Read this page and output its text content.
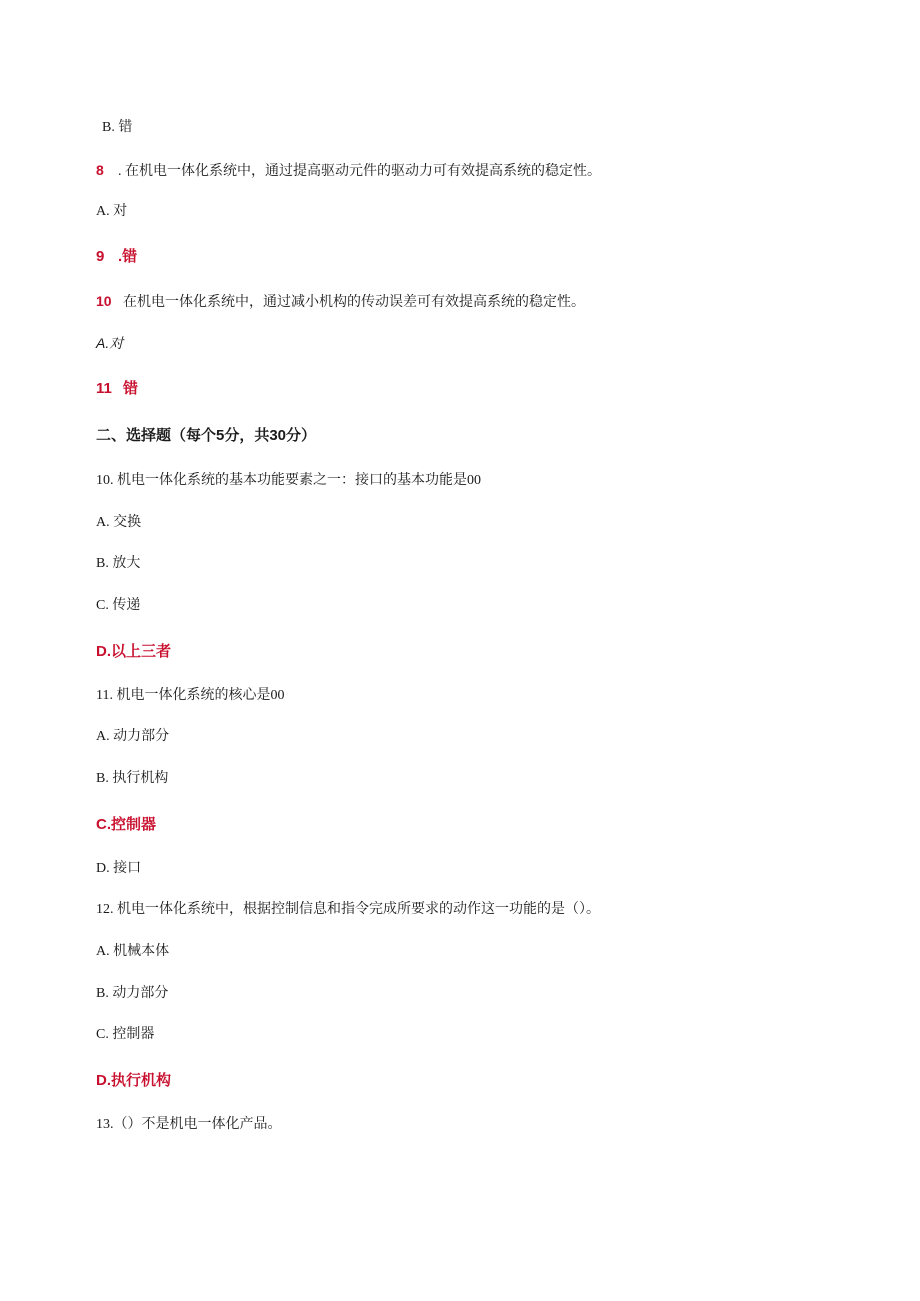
B. 错
8 . 在机电一体化系统中，通过提高驱动元件的驱动力可有效提高系统的稳定性。
A. 对
9 .错
10 在机电一体化系统中，通过减小机构的传动误差可有效提高系统的稳定性。
A.对
11 错
二、选择题（每个5分，共30分）
10. 机电一体化系统的基本功能要素之一：接口的基本功能是00
A. 交换
B. 放大
C. 传递
D.以上三者
11. 机电一体化系统的核心是00
A. 动力部分
B. 执行机构
C.控制器
D. 接口
12. 机电一体化系统中，根据控制信息和指令完成所要求的动作这一功能的是（）。
A. 机械本体
B. 动力部分
C. 控制器
D.执行机构
13.（）不是机电一体化产品。
